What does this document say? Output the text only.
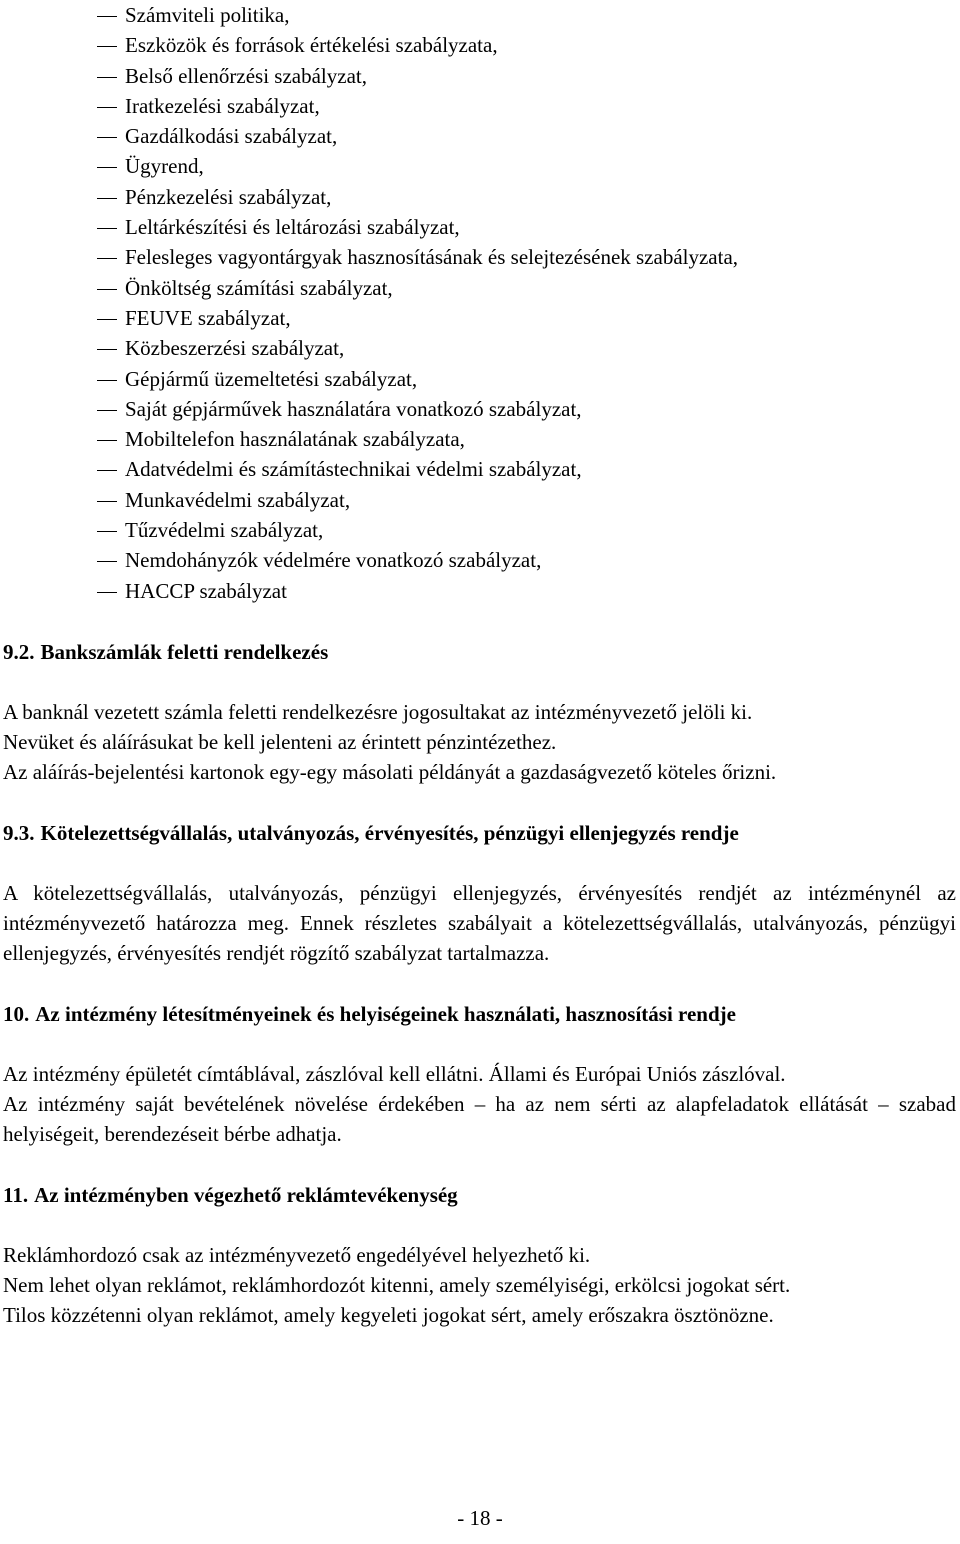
Számviteli politika,
Eszközök és források értékelési szabályzata,
Belső ellenőrzési szabályzat,
Iratkezelési szabályzat,
Gazdálkodási szabályzat,
Ügyrend,
Pénzkezelési szabályzat,
Leltárkészítési és leltározási szabályzat,
Felesleges vagyontárgyak hasznosításának és selejtezésének szabályzata,
Önköltség számítási szabályzat,
FEUVE szabályzat,
Közbeszerzési szabályzat,
Gépjármű üzemeltetési szabályzat,
Saját gépjárművek használatára vonatkozó szabályzat,
Mobiltelefon használatának szabályzata,
Adatvédelmi és számítástechnikai védelmi szabályzat,
Munkavédelmi szabályzat,
Tűzvédelmi szabályzat,
Nemdohányzók védelmére vonatkozó szabályzat,
HACCP szabályzat
9.2. Bankszámlák feletti rendelkezés

A banknál vezetett számla feletti rendelkezésre jogosultakat az intézményvezető jelöli ki.

Nevüket és aláírásukat be kell jelenteni az érintett pénzintézethez.

Az aláírás-bejelentési kartonok egy-egy másolati példányát a gazdaságvezető köteles őrizni.

9.3. Kötelezettségvállalás, utalványozás, érvényesítés, pénzügyi ellenjegyzés rendje

A kötelezettségvállalás, utalványozás, pénzügyi ellenjegyzés, érvényesítés rendjét az intézménynél az intézményvezető határozza meg. Ennek részletes szabályait a kötelezettségvállalás, utalványozás, pénzügyi ellenjegyzés, érvényesítés rendjét rögzítő szabályzat tartalmazza.

10. Az intézmény létesítményeinek és helyiségeinek használati, hasznosítási rendje

Az intézmény épületét címtáblával, zászlóval kell ellátni. Állami és Európai Uniós zászlóval.

Az intézmény saját bevételének növelése érdekében – ha az nem sérti az alapfeladatok ellátását – szabad helyiségeit, berendezéseit bérbe adhatja.

11. Az intézményben végezhető reklámtevékenység

Reklámhordozó csak az intézményvezető engedélyével helyezhető ki.

Nem lehet olyan reklámot, reklámhordozót kitenni, amely személyiségi, erkölcsi jogokat sért.

Tilos közzétenni olyan reklámot, amely kegyeleti jogokat sért, amely erőszakra ösztönözne.

- 18 -
